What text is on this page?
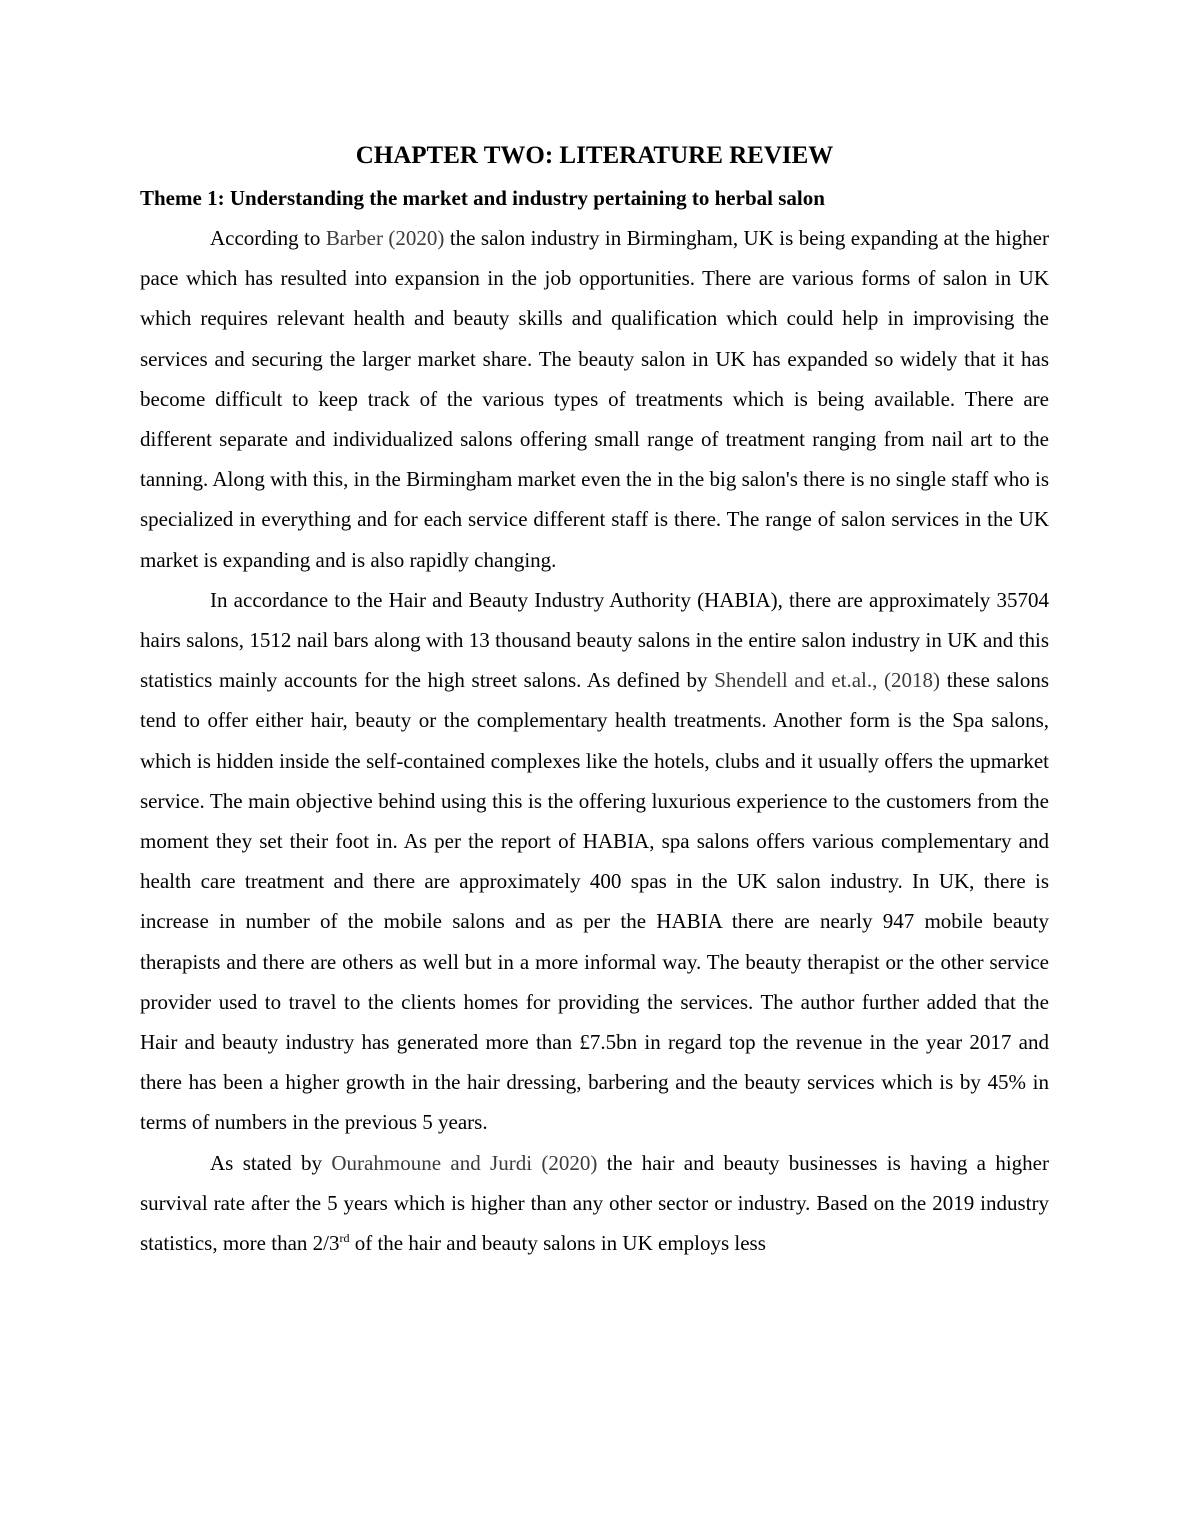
CHAPTER TWO: LITERATURE REVIEW
Theme 1: Understanding the market and industry pertaining to herbal salon

According to Barber (2020) the salon industry in Birmingham, UK is being expanding at the higher pace which has resulted into expansion in the job opportunities. There are various forms of salon in UK which requires relevant health and beauty skills and qualification which could help in improvising the services and securing the larger market share. The beauty salon in UK has expanded so widely that it has become difficult to keep track of the various types of treatments which is being available. There are different separate and individualized salons offering small range of treatment ranging from nail art to the tanning. Along with this, in the Birmingham market even the in the big salon's there is no single staff who is specialized in everything and for each service different staff is there. The range of salon services in the UK market is expanding and is also rapidly changing.

In accordance to the Hair and Beauty Industry Authority (HABIA), there are approximately 35704 hairs salons, 1512 nail bars along with 13 thousand beauty salons in the entire salon industry in UK and this statistics mainly accounts for the high street salons. As defined by Shendell and et.al., (2018) these salons tend to offer either hair, beauty or the complementary health treatments. Another form is the Spa salons, which is hidden inside the self-contained complexes like the hotels, clubs and it usually offers the upmarket service. The main objective behind using this is the offering luxurious experience to the customers from the moment they set their foot in. As per the report of HABIA, spa salons offers various complementary and health care treatment and there are approximately 400 spas in the UK salon industry. In UK, there is increase in number of the mobile salons and as per the HABIA there are nearly 947 mobile beauty therapists and there are others as well but in a more informal way. The beauty therapist or the other service provider used to travel to the clients homes for providing the services. The author further added that the Hair and beauty industry has generated more than £7.5bn in regard top the revenue in the year 2017 and there has been a higher growth in the hair dressing, barbering and the beauty services which is by 45% in terms of numbers in the previous 5 years.

As stated by Ourahmoune and Jurdi (2020) the hair and beauty businesses is having a higher survival rate after the 5 years which is higher than any other sector or industry. Based on the 2019 industry statistics, more than 2/3rd of the hair and beauty salons in UK employs less
